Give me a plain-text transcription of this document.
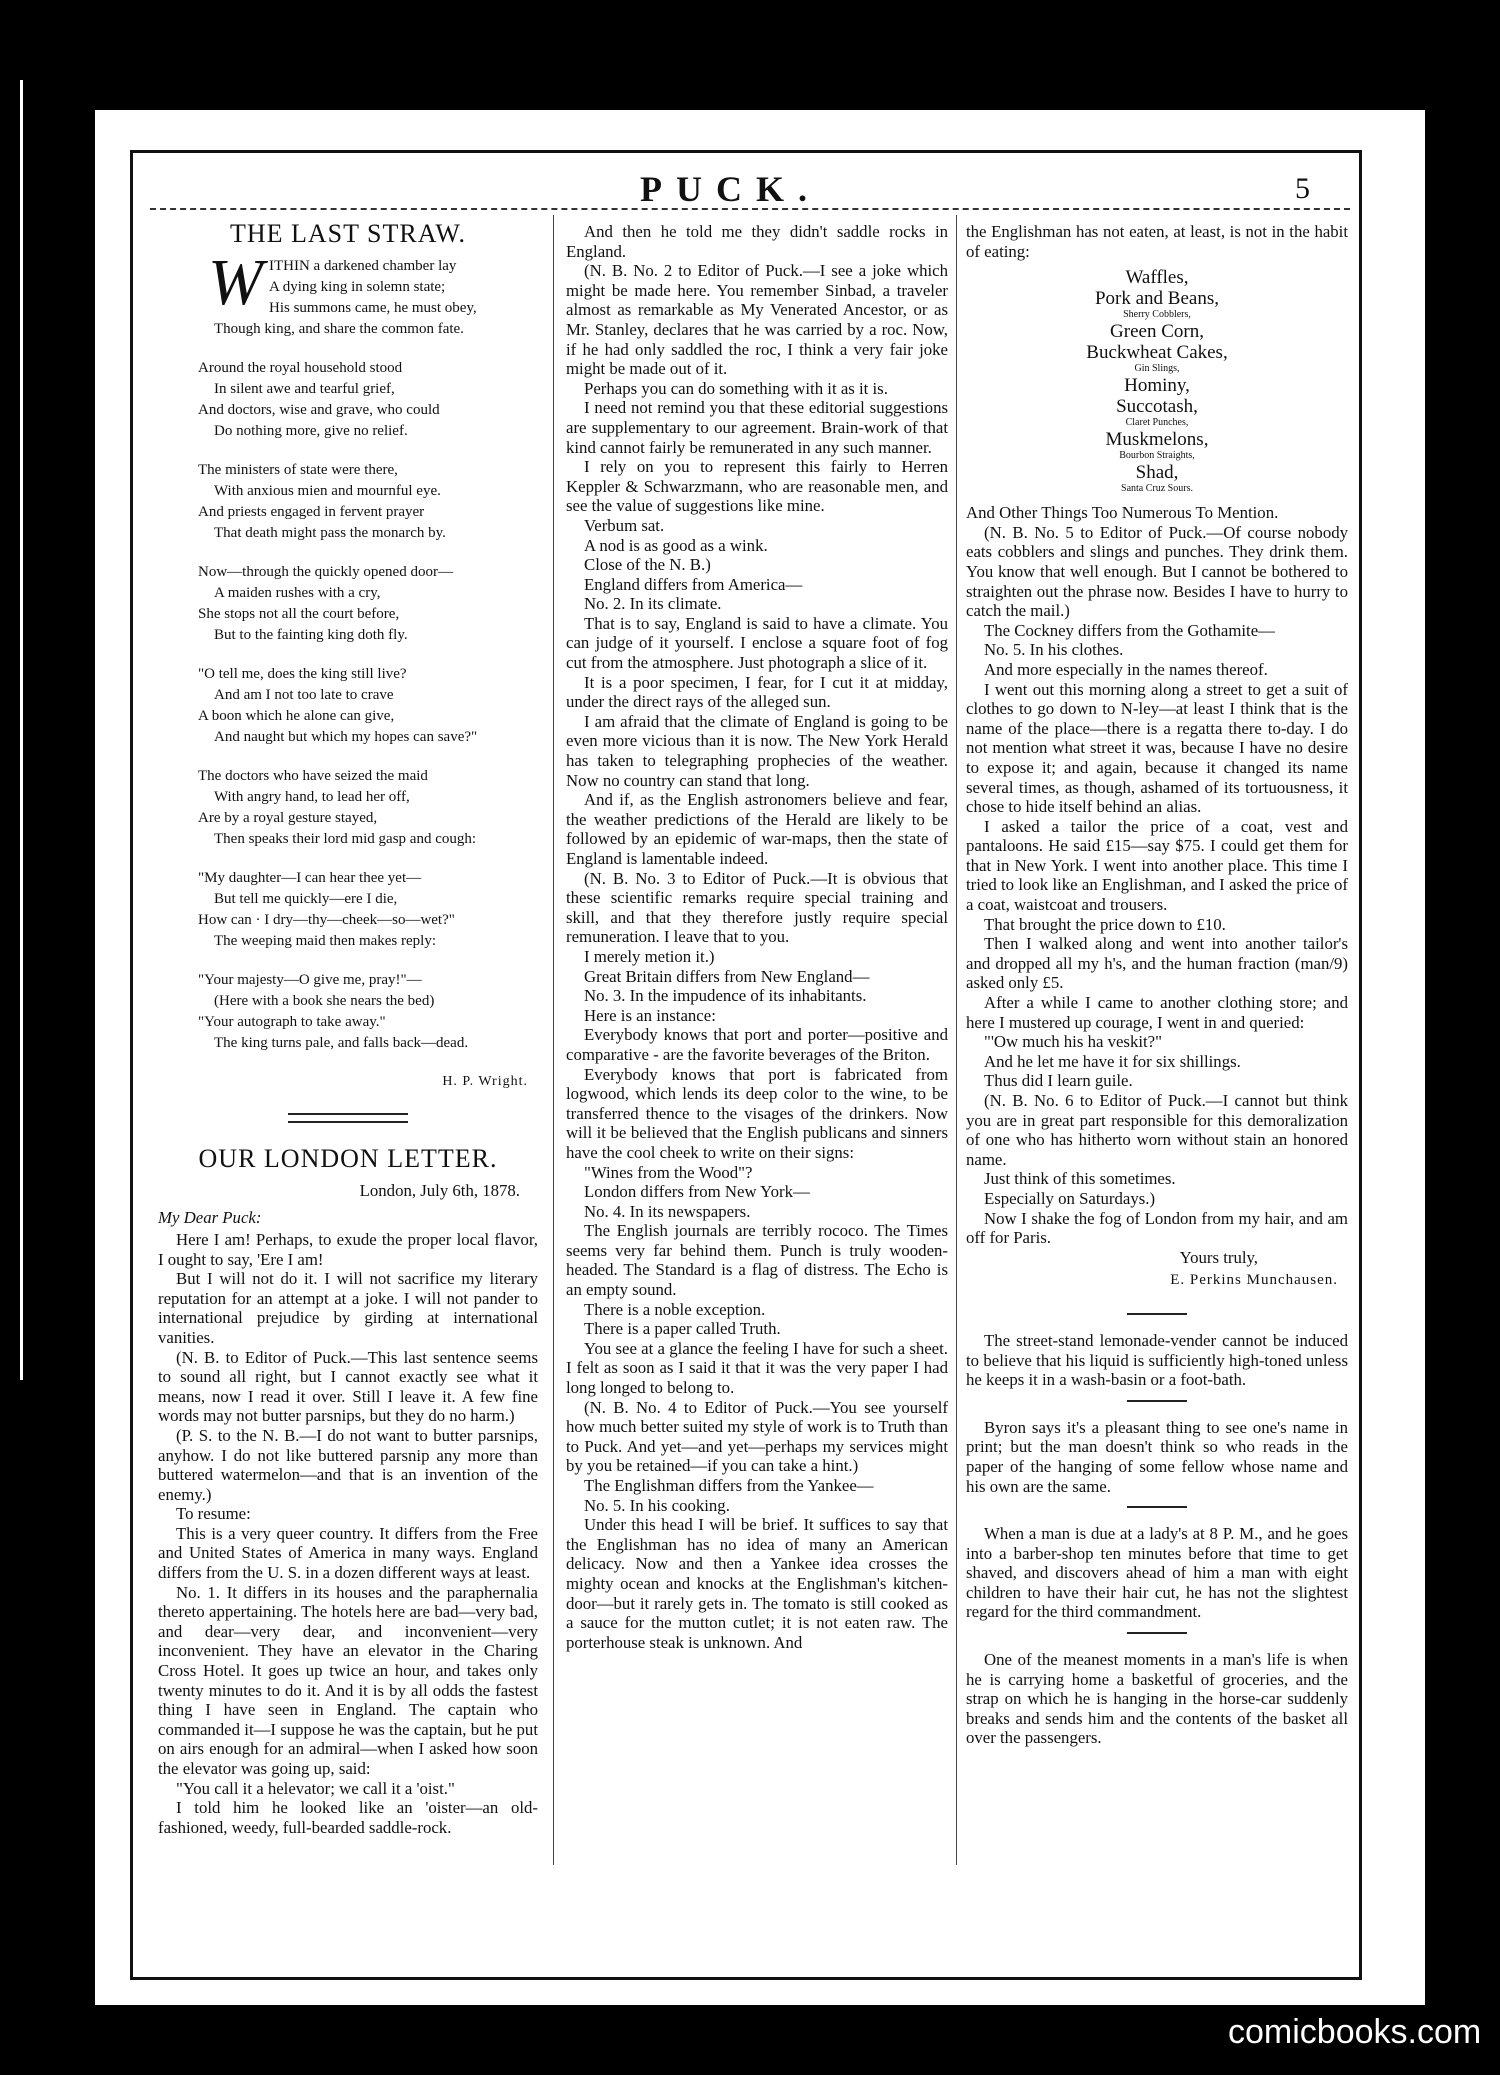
PUCK.	5
THE LAST STRAW.
W ITHIN a darkened chamber lay

A dying king in solemn state;

His summons came, he must obey,

Though king, and share the common fate.

Around the royal household stood

In silent awe and tearful grief,

And doctors, wise and grave, who could

Do nothing more, give no relief.

The ministers of state were there,

With anxious mien and mournful eye.

And priests engaged in fervent prayer

That death might pass the monarch by.

Now—through the quickly opened door—

A maiden rushes with a cry,

She stops not all the court before,

But to the fainting king doth fly.

"O tell me, does the king still live?

And am I not too late to crave

A boon which he alone can give,

And naught but which my hopes can save?"

The doctors who have seized the maid

With angry hand, to lead her off,

Are by a royal gesture stayed,

Then speaks their lord mid gasp and cough:

"My daughter—I can hear thee yet—

But tell me quickly—ere I die,

How can · I dry—thy—cheek—so—wet?"

The weeping maid then makes reply:

"Your majesty—O give me, pray!"—

(Here with a book she nears the bed)

"Your autograph to take away."

The king turns pale, and falls back—dead.

H. P. Wright.
OUR LONDON LETTER.
London, July 6th, 1878.
My Dear Puck:

Here I am! Perhaps, to exude the proper local flavor, I ought to say, 'Ere I am!

But I will not do it. I will not sacrifice my literary reputation for an attempt at a joke. I will not pander to international prejudice by girding at international vanities.

(N. B. to Editor of Puck.—This last sentence seems to sound all right, but I cannot exactly see what it means, now I read it over. Still I leave it. A few fine words may not butter parsnips, but they do no harm.)

(P. S. to the N. B.—I do not want to butter parsnips, anyhow. I do not like buttered parsnip any more than buttered watermelon—and that is an invention of the enemy.)

To resume:

This is a very queer country. It differs from the Free and United States of America in many ways. England differs from the U. S. in a dozen different ways at least.

No. 1. It differs in its houses and the paraphernalia thereto appertaining. The hotels here are bad—very bad, and dear—very dear, and inconvenient—very inconvenient. They have an elevator in the Charing Cross Hotel. It goes up twice an hour, and takes only twenty minutes to do it. And it is by all odds the fastest thing I have seen in England. The captain who commanded it—I suppose he was the captain, but he put on airs enough for an admiral—when I asked how soon the elevator was going up, said:

"You call it a helevator; we call it a 'oist."

I told him he looked like an 'oister—an old-fashioned, weedy, full-bearded saddle-rock.

And then he told me they didn't saddle rocks in England.

(N. B. No. 2 to Editor of Puck.—I see a joke which might be made here. You remember Sinbad, a traveler almost as remarkable as My Venerated Ancestor, or as Mr. Stanley, declares that he was carried by a roc. Now, if he had only saddled the roc, I think a very fair joke might be made out of it.

Perhaps you can do something with it as it is.

I need not remind you that these editorial suggestions are supplementary to our agreement. Brain-work of that kind cannot fairly be remunerated in any such manner.

I rely on you to represent this fairly to Herren Keppler & Schwarzmann, who are reasonable men, and see the value of suggestions like mine.

Verbum sat.

A nod is as good as a wink.

Close of the N. B.)

England differs from America—

No. 2. In its climate.

That is to say, England is said to have a climate. You can judge of it yourself. I enclose a square foot of fog cut from the atmosphere. Just photograph a slice of it.

It is a poor specimen, I fear, for I cut it at midday, under the direct rays of the alleged sun.

I am afraid that the climate of England is going to be even more vicious than it is now. The New York Herald has taken to telegraphing prophecies of the weather. Now no country can stand that long.

And if, as the English astronomers believe and fear, the weather predictions of the Herald are likely to be followed by an epidemic of war-maps, then the state of England is lamentable indeed.

(N. B. No. 3 to Editor of Puck.—It is obvious that these scientific remarks require special training and skill, and that they therefore justly require special remuneration. I leave that to you.

I merely metion it.)

Great Britain differs from New England—

No. 3. In the impudence of its inhabitants.

Here is an instance:

Everybody knows that port and porter—positive and comparative - are the favorite beverages of the Briton.

Everybody knows that port is fabricated from logwood, which lends its deep color to the wine, to be transferred thence to the visages of the drinkers. Now will it be believed that the English publicans and sinners have the cool cheek to write on their signs:

"Wines from the Wood"?

London differs from New York—

No. 4. In its newspapers.

The English journals are terribly rococo. The Times seems very far behind them. Punch is truly wooden-headed. The Standard is a flag of distress. The Echo is an empty sound.

There is a noble exception.

There is a paper called Truth.

You see at a glance the feeling I have for such a sheet. I felt as soon as I said it that it was the very paper I had long longed to belong to.

(N. B. No. 4 to Editor of Puck.—You see yourself how much better suited my style of work is to Truth than to Puck. And yet—and yet—perhaps my services might by you be retained—if you can take a hint.)

The Englishman differs from the Yankee—

No. 5. In his cooking.

Under this head I will be brief. It suffices to say that the Englishman has no idea of many an American delicacy. Now and then a Yankee idea crosses the mighty ocean and knocks at the Englishman's kitchen-door—but it rarely gets in. The tomato is still cooked as a sauce for the mutton cutlet; it is not eaten raw. The porterhouse steak is unknown. And

the Englishman has not eaten, at least, is not in the habit of eating:

Waffles,
Pork and Beans,
Sherry Cobblers,
Green Corn,
Buckwheat Cakes,
Gin Slings,
Hominy,
Succotash,
Claret Punches,
Muskmelons,
Bourbon Straights,
Shad,
Santa Cruz Sours.

And Other Things Too Numerous To Mention.

(N. B. No. 5 to Editor of Puck.—Of course nobody eats cobblers and slings and punches. They drink them. You know that well enough. But I cannot be bothered to straighten out the phrase now. Besides I have to hurry to catch the mail.)

The Cockney differs from the Gothamite—

No. 5. In his clothes.

And more especially in the names thereof.

I went out this morning along a street to get a suit of clothes to go down to N-ley—at least I think that is the name of the place—there is a regatta there to-day. I do not mention what street it was, because I have no desire to expose it; and again, because it changed its name several times, as though, ashamed of its tortuousness, it chose to hide itself behind an alias.

I asked a tailor the price of a coat, vest and pantaloons. He said £15—say $75. I could get them for that in New York. I went into another place. This time I tried to look like an Englishman, and I asked the price of a coat, waistcoat and trousers.

That brought the price down to £10.

Then I walked along and went into another tailor's and dropped all my h's, and the human fraction (man/9) asked only £5.

After a while I came to another clothing store; and here I mustered up courage, I went in and queried:

"'Ow much his ha veskit?"

And he let me have it for six shillings.

Thus did I learn guile.

(N. B. No. 6 to Editor of Puck.—I cannot but think you are in great part responsible for this demoralization of one who has hitherto worn without stain an honored name.

Just think of this sometimes.

Especially on Saturdays.)

Now I shake the fog of London from my hair, and am off for Paris.

Yours truly,
E. Perkins Munchausen.

The street-stand lemonade-vender cannot be induced to believe that his liquid is sufficiently high-toned unless he keeps it in a wash-basin or a foot-bath.

Byron says it's a pleasant thing to see one's name in print; but the man doesn't think so who reads in the paper of the hanging of some fellow whose name and his own are the same.

When a man is due at a lady's at 8 P. M., and he goes into a barber-shop ten minutes before that time to get shaved, and discovers ahead of him a man with eight children to have their hair cut, he has not the slightest regard for the third commandment.

One of the meanest moments in a man's life is when he is carrying home a basketful of groceries, and the strap on which he is hanging in the horse-car suddenly breaks and sends him and the contents of the basket all over the passengers.

comicbooks.com
